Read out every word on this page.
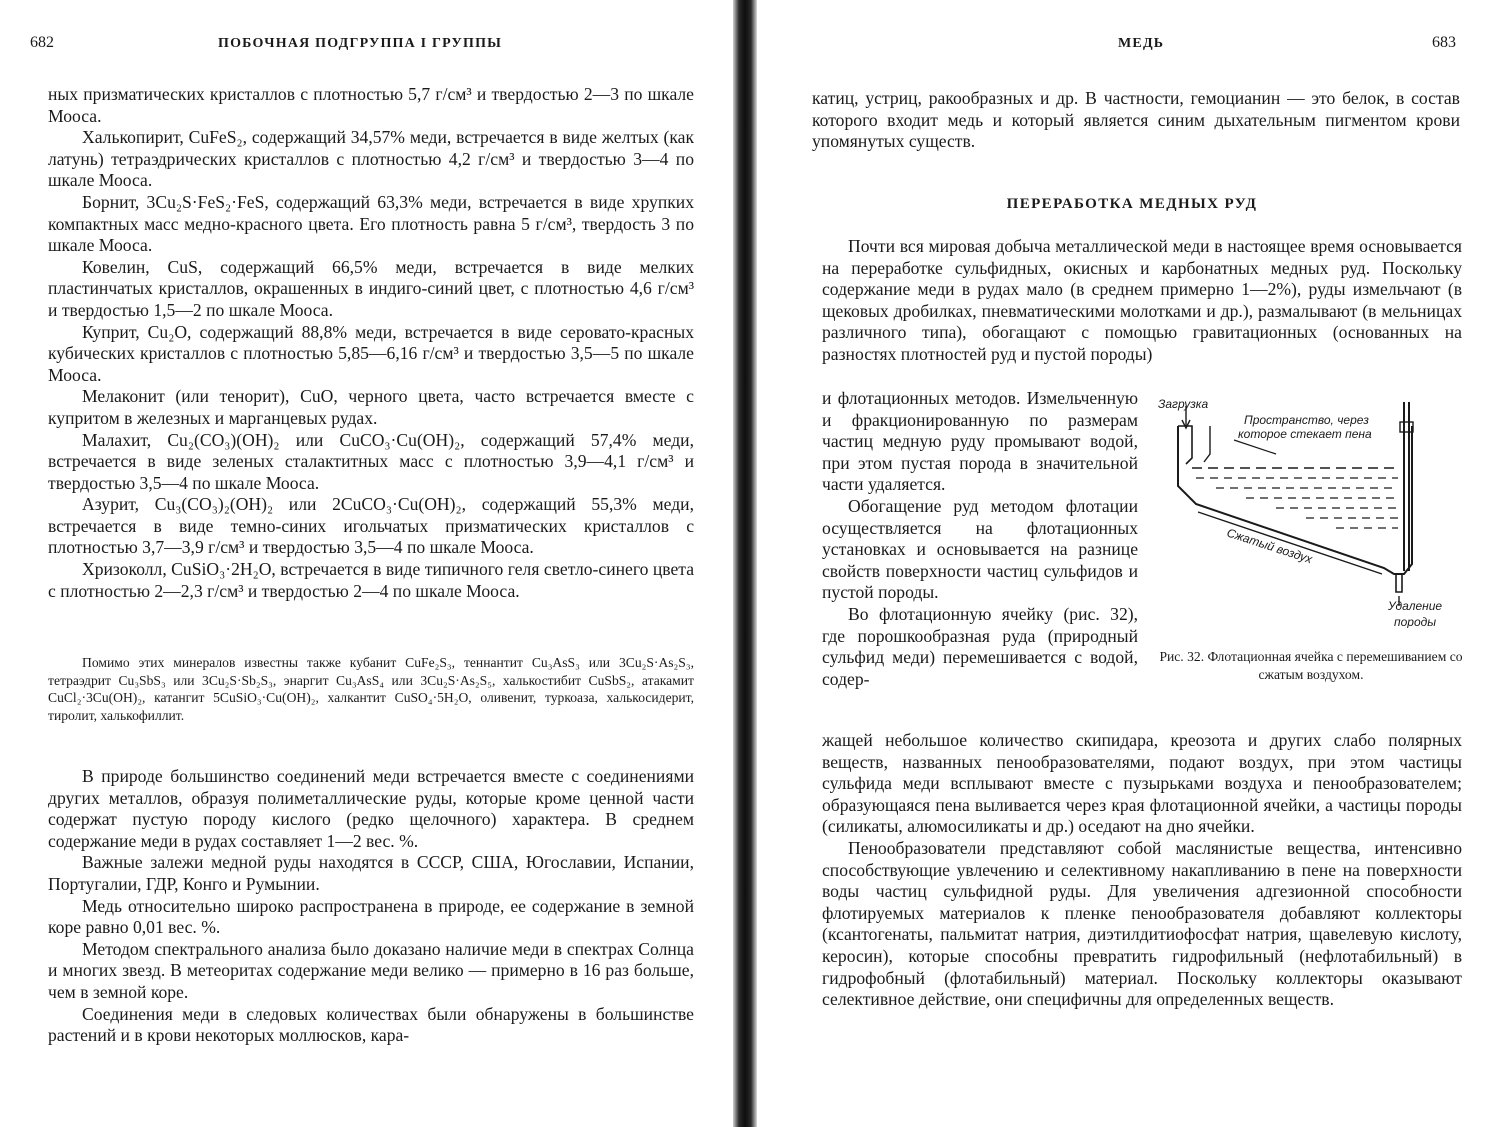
682	ПОБОЧНАЯ ПОДГРУППА I ГРУППЫ

ных призматических кристаллов с плотностью 5,7 г/см³ и твердостью 2—3 по шкале Мооса.

Халькопирит, CuFeS₂, содержащий 34,57% меди, встречается в виде желтых (как латунь) тетраэдрических кристаллов с плотностью 4,2 г/см³ и твердостью 3—4 по шкале Мооса.

Борнит, 3Cu₂S·FeS₂·FeS, содержащий 63,3% меди, встречается в виде хрупких компактных масс медно-красного цвета. Его плотность равна 5 г/см³, твердость 3 по шкале Мооса.

Ковелин, CuS, содержащий 66,5% меди, встречается в виде мелких пластинчатых кристаллов, окрашенных в индиго-синий цвет, с плотностью 4,6 г/см³ и твердостью 1,5—2 по шкале Мооса.

Куприт, Cu₂O, содержащий 88,8% меди, встречается в виде серовато-красных кубических кристаллов с плотностью 5,85—6,16 г/см³ и твердостью 3,5—5 по шкале Мооса.

Мелаконит (или тенорит), CuO, черного цвета, часто встречается вместе с купритом в железных и марганцевых рудах.

Малахит, Cu₂(CO₃)(OH)₂ или CuCO₃·Cu(OH)₂, содержащий 57,4% меди, встречается в виде зеленых сталактитных масс с плотностью 3,9—4,1 г/см³ и твердостью 3,5—4 по шкале Мооса.

Азурит, Cu₃(CO₃)₂(OH)₂ или 2CuCO₃·Cu(OH)₂, содержащий 55,3% меди, встречается в виде темно-синих игольчатых призматических кристаллов с плотностью 3,7—3,9 г/см³ и твердостью 3,5—4 по шкале Мооса.

Хризоколл, CuSiO₃·2H₂O, встречается в виде типичного геля светло-синего цвета с плотностью 2—2,3 г/см³ и твердостью 2—4 по шкале Мооса.

Помимо этих минералов известны также кубанит CuFe₂S₃, теннантит Cu₃AsS₃ или 3Cu₂S·As₂S₃, тетраэдрит Cu₃SbS₃ или 3Cu₂S·Sb₂S₃, энаргит Cu₃AsS₄ или 3Cu₂S·As₂S₅, халькостибит CuSbS₂, атакамит CuCl₂·3Cu(OH)₂, катангит 5CuSiO₃·Cu(OH)₂, халкантит CuSO₄·5H₂O, оливенит, туркоаза, халькосидерит, тиролит, халькофиллит.

В природе большинство соединений меди встречается вместе с соединениями других металлов, образуя полиметаллические руды, которые кроме ценной части содержат пустую породу кислого (редко щелочного) характера. В среднем содержание меди в рудах составляет 1—2 вес. %.

Важные залежи медной руды находятся в СССР, США, Югославии, Испании, Португалии, ГДР, Конго и Румынии.

Медь относительно широко распространена в природе, ее содержание в земной коре равно 0,01 вес. %.

Методом спектрального анализа было доказано наличие меди в спектрах Солнца и многих звезд. В метеоритах содержание меди велико — примерно в 16 раз больше, чем в земной коре.

Соединения меди в следовых количествах были обнаружены в большинстве растений и в крови некоторых моллюсков, кара-

МЕДЬ	683

катиц, устриц, ракообразных и др. В частности, гемоцианин — это белок, в состав которого входит медь и который является синим дыхательным пигментом крови упомянутых существ.

ПЕРЕРАБОТКА МЕДНЫХ РУД

Почти вся мировая добыча металлической меди в настоящее время основывается на переработке сульфидных, окисных и карбонатных медных руд. Поскольку содержание меди в рудах мало (в среднем примерно 1—2%), руды измельчают (в щековых дробилках, пневматическими молотками и др.), размалывают (в мельницах различного типа), обогащают с помощью гравитационных (основанных на разностях плотностей руд и пустой породы)

и флотационных методов. Измельченную и фракционированную по размерам частиц медную руду промывают водой, при этом пустая порода в значительной части удаляется.

Обогащение руд методом флотации осуществляется на флотационных установках и основывается на разнице свойств поверхности частиц сульфидов и пустой породы.

Во флотационную ячейку (рис. 32), где порошкообразная руда (природный сульфид меди) перемешивается с водой, содер-

Загрузка
Пространство, через
которое стекает пена
Сжатый воздух
Удаление
породы

Рис. 32. Флотационная ячейка с перемешиванием со сжатым воздухом.

жащей небольшое количество скипидара, креозота и других слабо полярных веществ, названных пенообразователями, подают воздух, при этом частицы сульфида меди всплывают вместе с пузырьками воздуха и пенообразователем; образующаяся пена выливается через края флотационной ячейки, а частицы породы (силикаты, алюмосиликаты и др.) оседают на дно ячейки.

Пенообразователи представляют собой маслянистые вещества, интенсивно способствующие увлечению и селективному накапливанию в пене на поверхности воды частиц сульфидной руды. Для увеличения адгезионной способности флотируемых материалов к пленке пенообразователя добавляют коллекторы (ксантогенаты, пальмитат натрия, диэтилдитиофосфат натрия, щавелевую кислоту, керосин), которые способны превратить гидрофильный (нефлотабильный) в гидрофобный (флотабильный) материал. Поскольку коллекторы оказывают селективное действие, они специфичны для определенных веществ.
